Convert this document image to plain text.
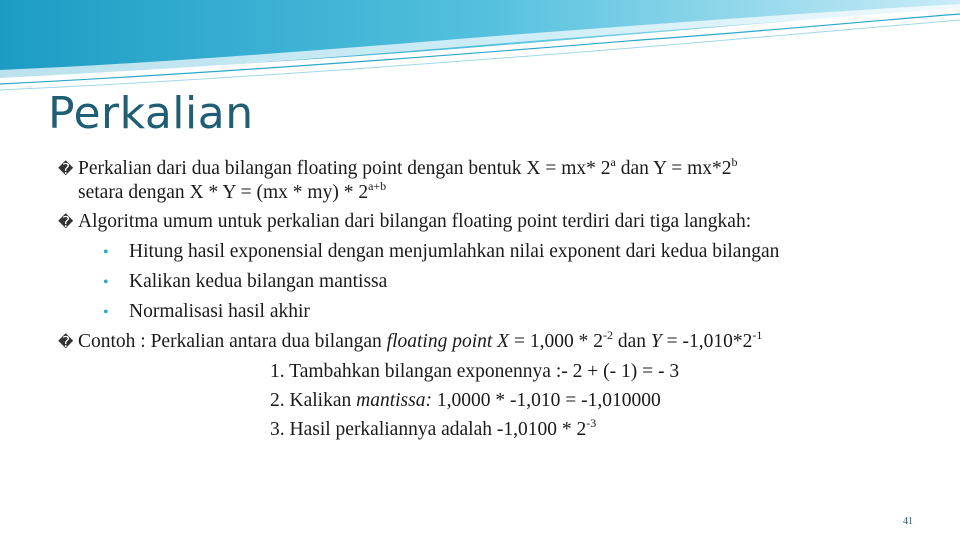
Perkalian
� Perkalian dari dua bilangan floating point dengan bentuk X = mx* 2$^a$ dan $Y = mx*2^b$
setara dengan $X * Y = (mx * my) * 2^{a+b}$
� Algoritma umum untuk perkalian dari bilangan floating point terdiri dari tiga langkah:
• Hitung hasil exponensial dengan menjumlahkan nilai exponent dari kedua bilangan
• Kalikan kedua bilangan mantissa
• Normalisasi hasil akhir
� Contoh : Perkalian antara dua bilangan floating point $X = 1,000 * 2^{-2}$ dan $Y = -1,010*2^{-1}$
1. Tambahkan bilangan exponennya :- 2 + (- 1) = - 3
2. Kalikan mantissa: 1,0000 * -1,010 = -1,010000
3. Hasil perkaliannya adalah $-1,0100 * 2^{-3}$
41
